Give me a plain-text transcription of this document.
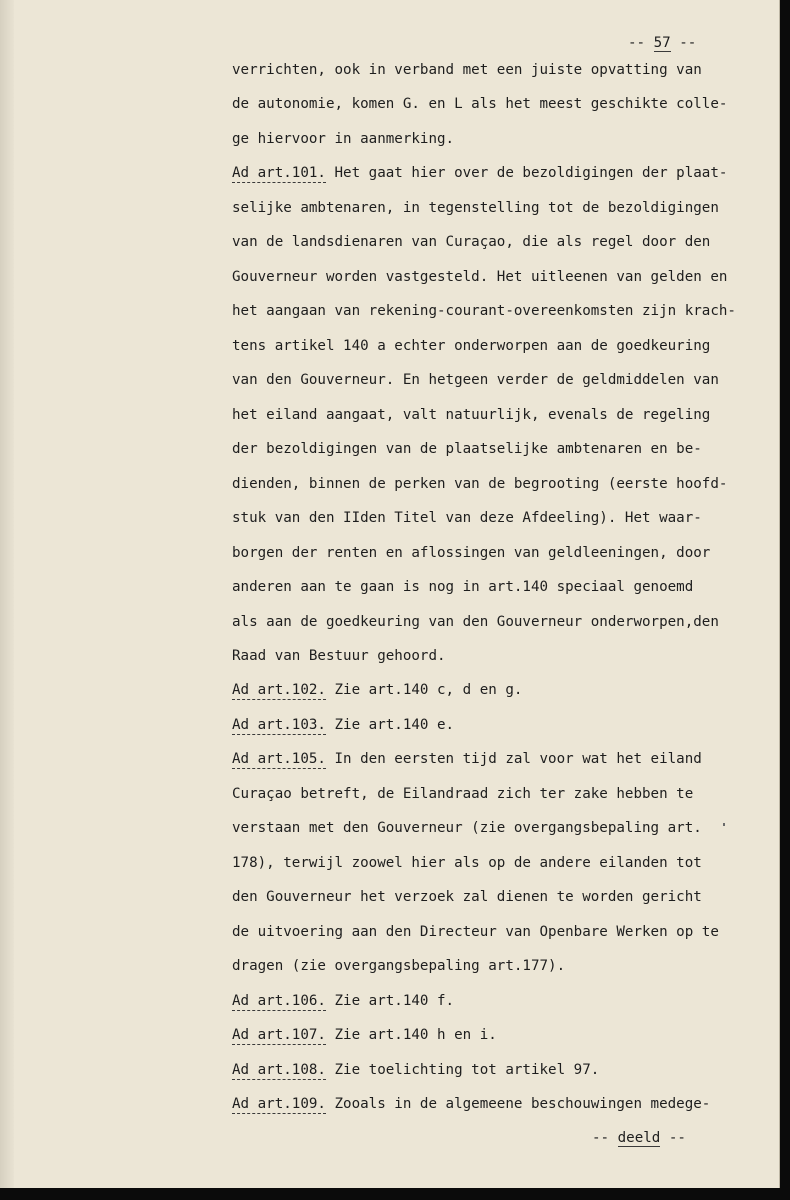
-- 57 --
verrichten, ook in verband met een juiste opvatting van
de autonomie, komen G. en L als het meest geschikte colle-
ge hiervoor in aanmerking.
Ad art.101. Het gaat hier over de bezoldigingen der plaat-
selijke ambtenaren, in tegenstelling tot de bezoldigingen
van de landsdienaren van Curaçao, die als regel door den
Gouverneur worden vastgesteld. Het uitleenen van gelden en
het aangaan van rekening-courant-overeenkomsten zijn krach-
tens artikel 140 a echter onderworpen aan de goedkeuring
van den Gouverneur. En hetgeen verder de geldmiddelen van
het eiland aangaat, valt natuurlijk, evenals de regeling
der bezoldigingen van de plaatselijke ambtenaren en be-
dienden, binnen de perken van de begrooting (eerste hoofd-
stuk van den IIden Titel van deze Afdeeling). Het waar-
borgen der renten en aflossingen van geldleeningen, door
anderen aan te gaan is nog in art.140 speciaal genoemd
als aan de goedkeuring van den Gouverneur onderworpen,den
Raad van Bestuur gehoord.
Ad art.102. Zie art.140 c, d en g.
Ad art.103. Zie art.140 e.
Ad art.105. In den eersten tijd zal voor wat het eiland
Curaçao betreft, de Eilandraad zich ter zake hebben te
verstaan met den Gouverneur (zie overgangsbepaling art.
178), terwijl zoowel hier als op de andere eilanden tot
den Gouverneur het verzoek zal dienen te worden gericht
de uitvoering aan den Directeur van Openbare Werken op te
dragen (zie overgangsbepaling art.177).
Ad art.106. Zie art.140 f.
Ad art.107. Zie art.140 h en i.
Ad art.108. Zie toelichting tot artikel 97.
Ad art.109. Zooals in de algemeene beschouwingen medege-
-- deeld --
